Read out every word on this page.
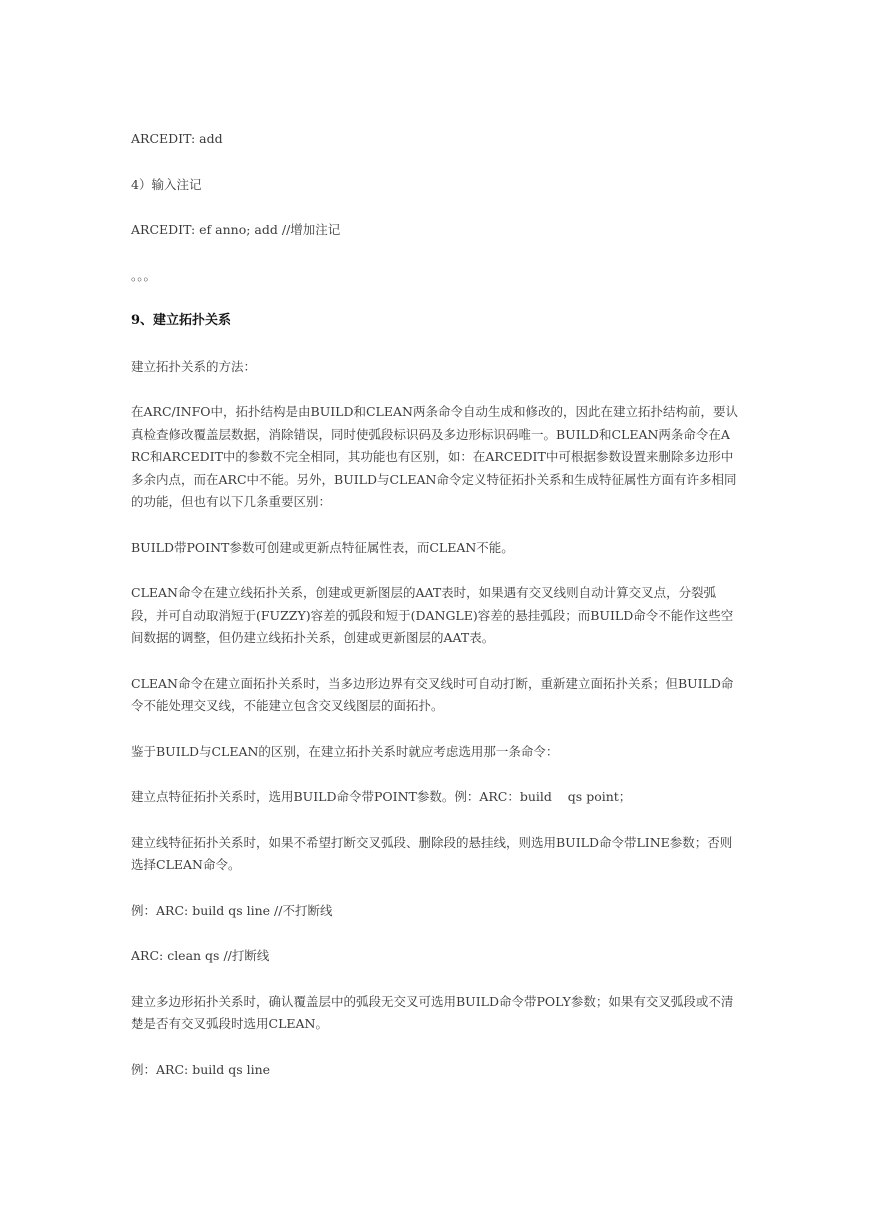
ARCEDIT: add

4）输入注记

ARCEDIT: ef anno; add //增加注记

。。。

9、建立拓扑关系

建立拓扑关系的方法：

在ARC/INFO中，拓扑结构是由BUILD和CLEAN两条命令自动生成和修改的，因此在建立拓扑结构前，要认真检查修改覆盖层数据，消除错误，同时使弧段标识码及多边形标识码唯一。BUILD和CLEAN两条命令在ARC和ARCEDIT中的参数不完全相同，其功能也有区别，如：在ARCEDIT中可根据参数设置来删除多边形中多余内点，而在ARC中不能。另外，BUILD与CLEAN命令定义特征拓扑关系和生成特征属性方面有许多相同的功能，但也有以下几条重要区别：

BUILD带POINT参数可创建或更新点特征属性表，而CLEAN不能。

CLEAN命令在建立线拓扑关系，创建或更新图层的AAT表时，如果遇有交叉线则自动计算交叉点，分裂弧段，并可自动取消短于(FUZZY)容差的弧段和短于(DANGLE)容差的悬挂弧段；而BUILD命令不能作这些空间数据的调整，但仍建立线拓扑关系，创建或更新图层的AAT表。

CLEAN命令在建立面拓扑关系时，当多边形边界有交叉线时可自动打断，重新建立面拓扑关系；但BUILD命令不能处理交叉线，不能建立包含交叉线图层的面拓扑。

鉴于BUILD与CLEAN的区别，在建立拓扑关系时就应考虑选用那一条命令：

建立点特征拓扑关系时，选用BUILD命令带POINT参数。例：ARC：build    qs point；

建立线特征拓扑关系时，如果不希望打断交叉弧段、删除段的悬挂线，则选用BUILD命令带LINE参数；否则选择CLEAN命令。

例：ARC: build qs line //不打断线

ARC: clean qs //打断线

建立多边形拓扑关系时，确认覆盖层中的弧段无交叉可选用BUILD命令带POLY参数；如果有交叉弧段或不清楚是否有交叉弧段时选用CLEAN。

例：ARC: build qs line
